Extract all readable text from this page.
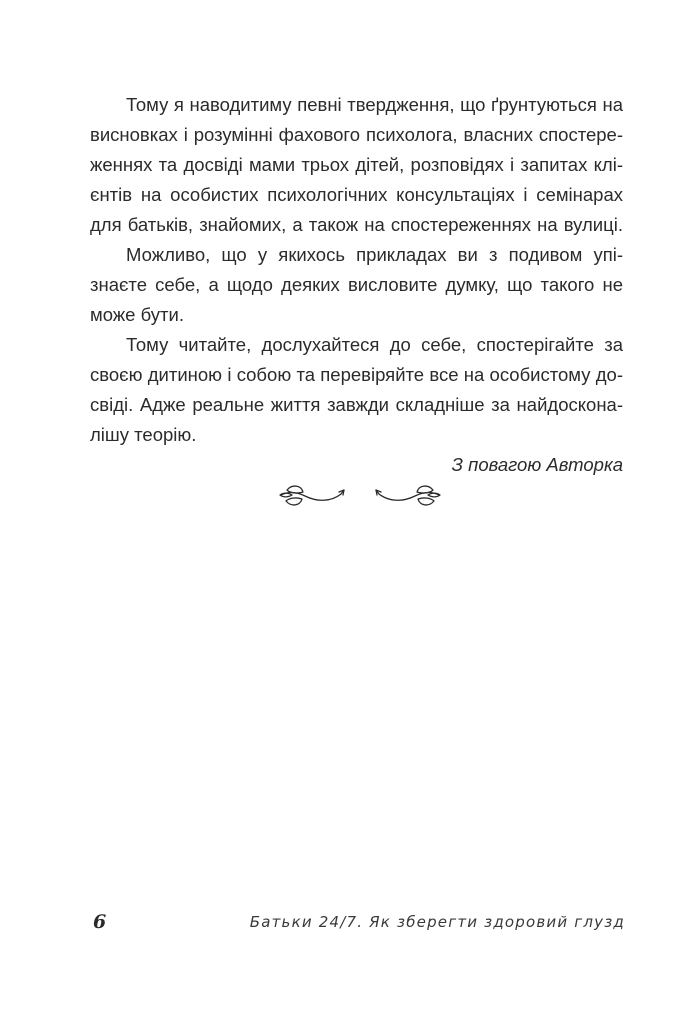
Тому я наводитиму певні твердження, що ґрунтуються на
висновках і розумінні фахового психолога, власних спостере-
женнях та досвіді мами трьох дітей, розповідях і запитах клі-
єнтів на особистих психологічних консультаціях і семінарах
для батьків, знайомих, а також на спостереженнях на вулиці.
Можливо, що у якихось прикладах ви з подивом упі-
знаєте себе, а щодо деяких висловите думку, що такого не
може бути.
Тому читайте, дослухайтеся до себе, спостерігайте за
своєю дитиною і собою та перевіряйте все на особистому до-
свіді. Адже реальне життя завжди складніше за найдоскона-
лішу теорію.
З повагою Авторка
6	Батьки 24/7. Як зберегти здоровий глузд
